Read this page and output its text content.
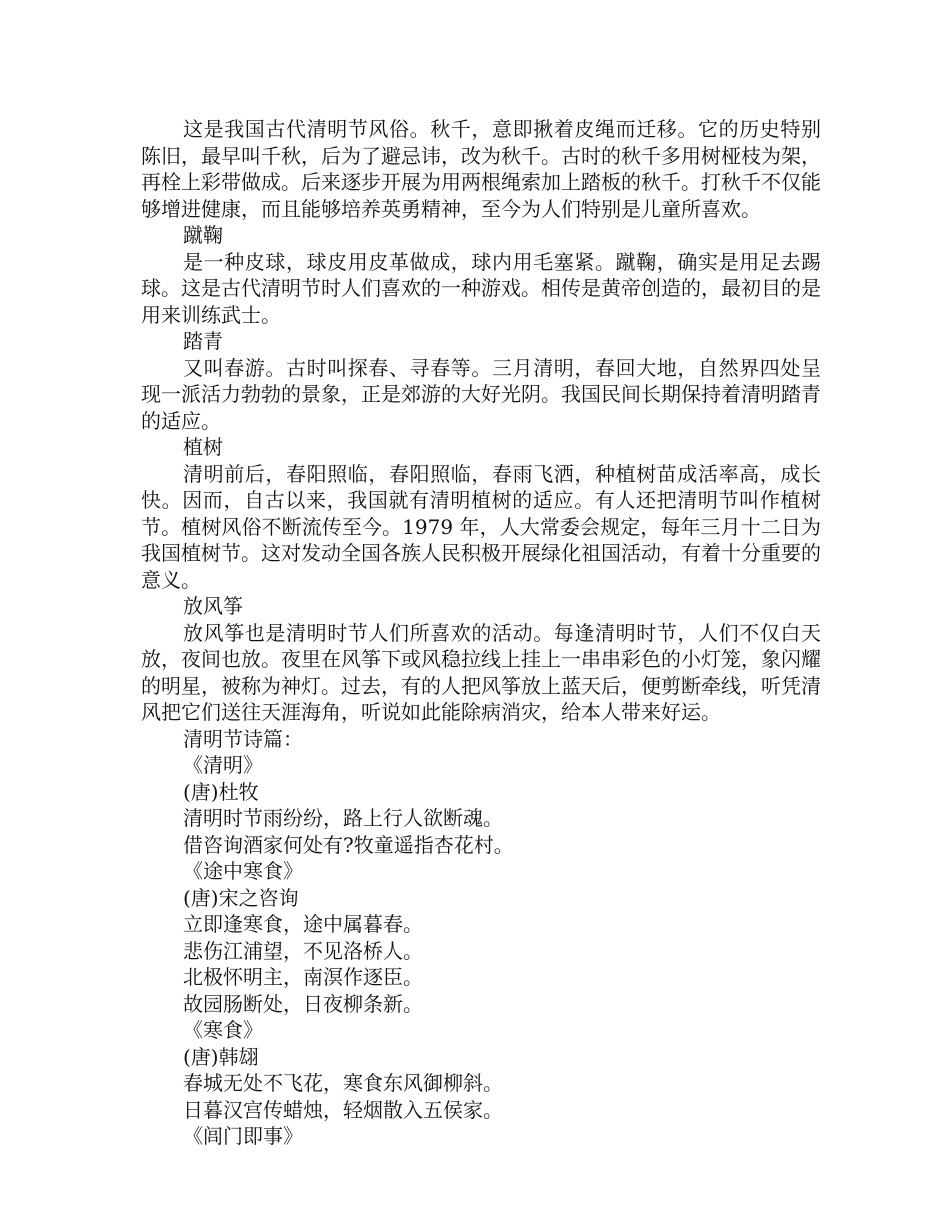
这是我国古代清明节风俗。秋千，意即揪着皮绳而迁移。它的历史特别陈旧，最早叫千秋，后为了避忌讳，改为秋千。古时的秋千多用树桠枝为架，再栓上彩带做成。后来逐步开展为用两根绳索加上踏板的秋千。打秋千不仅能够增进健康，而且能够培养英勇精神，至今为人们特别是儿童所喜欢。

蹴鞠

是一种皮球，球皮用皮革做成，球内用毛塞紧。蹴鞠，确实是用足去踢球。这是古代清明节时人们喜欢的一种游戏。相传是黄帝创造的，最初目的是用来训练武士。

踏青

又叫春游。古时叫探春、寻春等。三月清明，春回大地，自然界四处呈现一派活力勃勃的景象，正是郊游的大好光阴。我国民间长期保持着清明踏青的适应。

植树

清明前后，春阳照临，春阳照临，春雨飞洒，种植树苗成活率高，成长快。因而，自古以来，我国就有清明植树的适应。有人还把清明节叫作植树节。植树风俗不断流传至今。1979 年，人大常委会规定，每年三月十二日为我国植树节。这对发动全国各族人民积极开展绿化祖国活动，有着十分重要的意义。

放风筝

放风筝也是清明时节人们所喜欢的活动。每逢清明时节，人们不仅白天放，夜间也放。夜里在风筝下或风稳拉线上挂上一串串彩色的小灯笼，象闪耀的明星，被称为神灯。过去，有的人把风筝放上蓝天后，便剪断牵线，听凭清风把它们送往天涯海角，听说如此能除病消灾，给本人带来好运。

清明节诗篇：

《清明》

(唐)杜牧

清明时节雨纷纷，路上行人欲断魂。

借咨询酒家何处有?牧童遥指杏花村。

《途中寒食》

(唐)宋之咨询

立即逢寒食，途中属暮春。

悲伤江浦望，不见洛桥人。

北极怀明主，南溟作逐臣。

故园肠断处，日夜柳条新。

《寒食》

(唐)韩翃

春城无处不飞花，寒食东风御柳斜。

日暮汉宫传蜡烛，轻烟散入五侯家。

《闾门即事》
